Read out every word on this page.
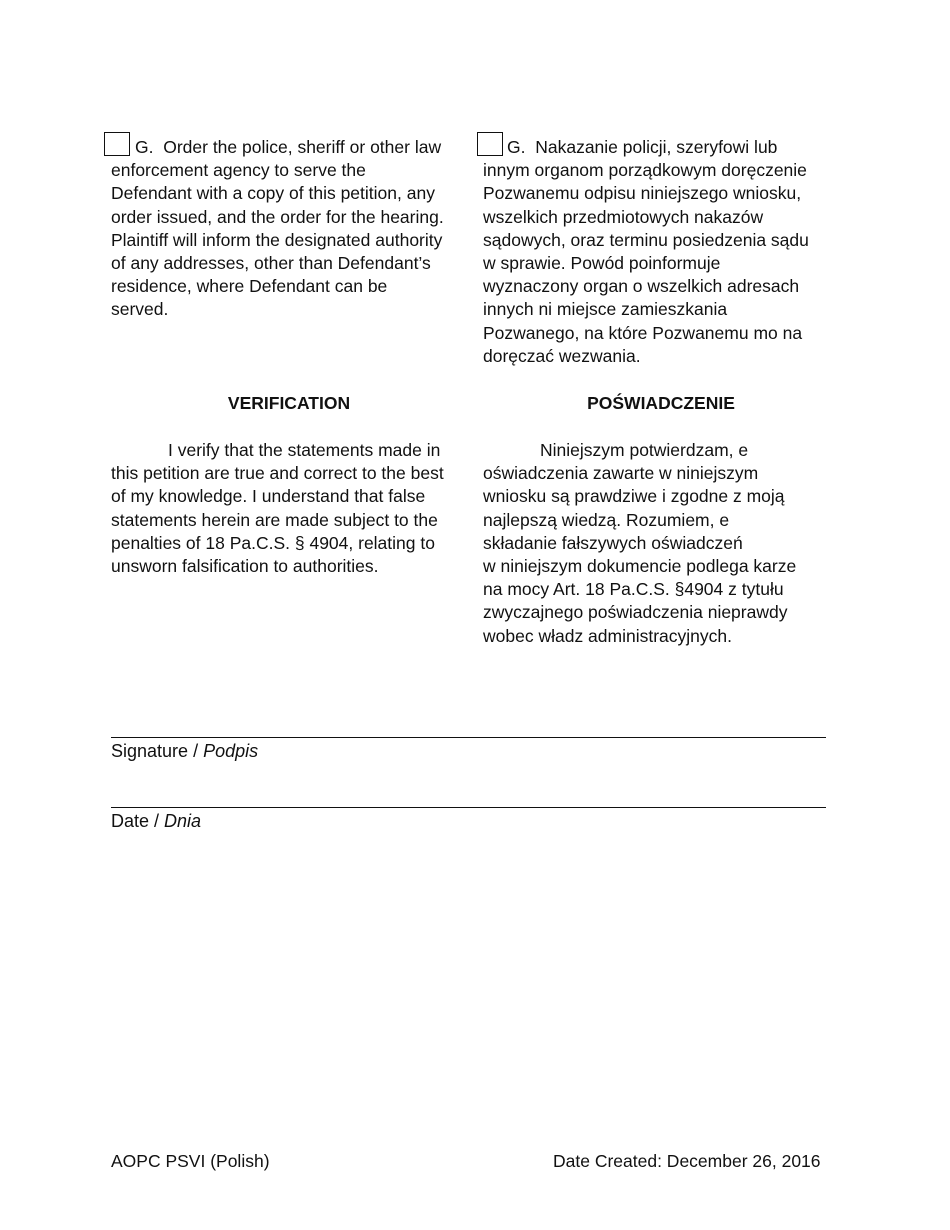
G. Order the police, sheriff or other law
enforcement agency to serve the
Defendant with a copy of this petition, any
order issued, and the order for the hearing.
Plaintiff will inform the designated authority
of any addresses, other than Defendant’s
residence, where Defendant can be
served.
G. Nakazanie policji, szeryfowi lub
innym organom porządkowym doręczenie
Pozwanemu odpisu niniejszego wniosku,
wszelkich przedmiotowych nakazów
sądowych, oraz terminu posiedzenia sądu
w sprawie. Powód poinformuje
wyznaczony organ o wszelkich adresach
innych ni miejsce zamieszkania
Pozwanego, na które Pozwanemu mo na
doręczać wezwania.
VERIFICATION	POŚWIADCZENIE
I verify that the statements made in
this petition are true and correct to the best
of my knowledge. I understand that false
statements herein are made subject to the
penalties of 18 Pa.C.S. § 4904, relating to
unsworn falsification to authorities.
Niniejszym potwierdzam, e
oświadczenia zawarte w niniejszym
wniosku są prawdziwe i zgodne z moją
najlepszą wiedzą. Rozumiem, e
składanie fałszywych oświadczeń
w niniejszym dokumencie podlega karze
na mocy Art. 18 Pa.C.S. §4904 z tytułu
zwyczajnego poświadczenia nieprawdy
wobec władz administracyjnych.
Signature / Podpis
Date / Dnia
AOPC PSVI (Polish)	Date Created: December 26, 2016
